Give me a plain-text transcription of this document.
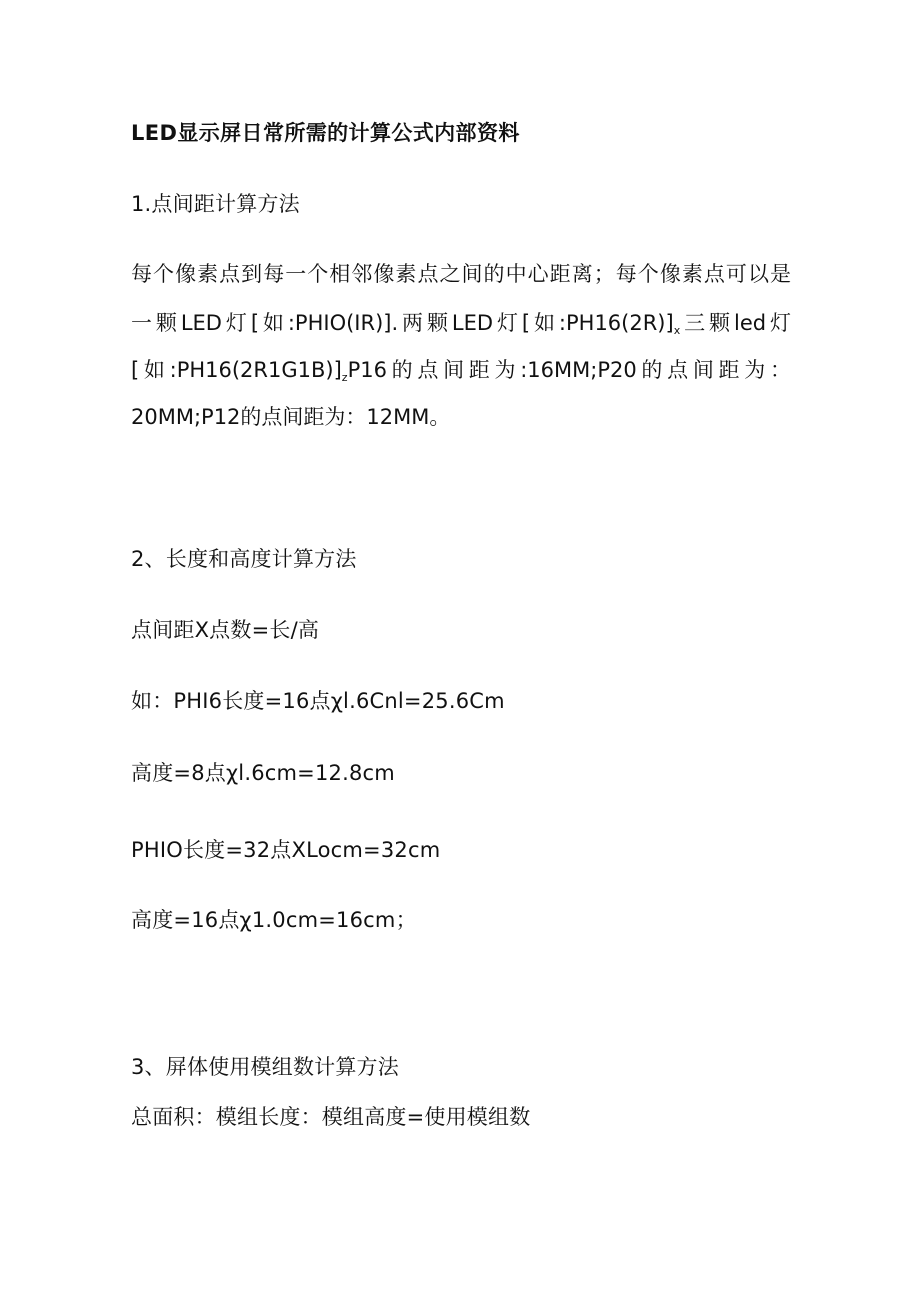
LED显示屏日常所需的计算公式内部资料
1.点间距计算方法
每个像素点到每一个相邻像素点之间的中心距离；每个像素点可以是
一颗LED灯[如:PHIO(IR)].两颗LED灯[如$:PH16(2R)]_x$三颗led灯
[如$:PH16(2R1G1B)]_zP16$的点间距为:16MM;P20的点间距为：
20MM;P12的点间距为：12MM。
2、长度和高度计算方法
点间距X点数=长/高
如：PHI6长度=16点χl.6Cnl=25.6Cm
高度=8点χl.6cm=12.8cm
PHIO长度=32点XLocm=32cm
高度=16点χ1.0cm=16cm；
3、屏体使用模组数计算方法
总面积：模组长度：模组高度=使用模组数
